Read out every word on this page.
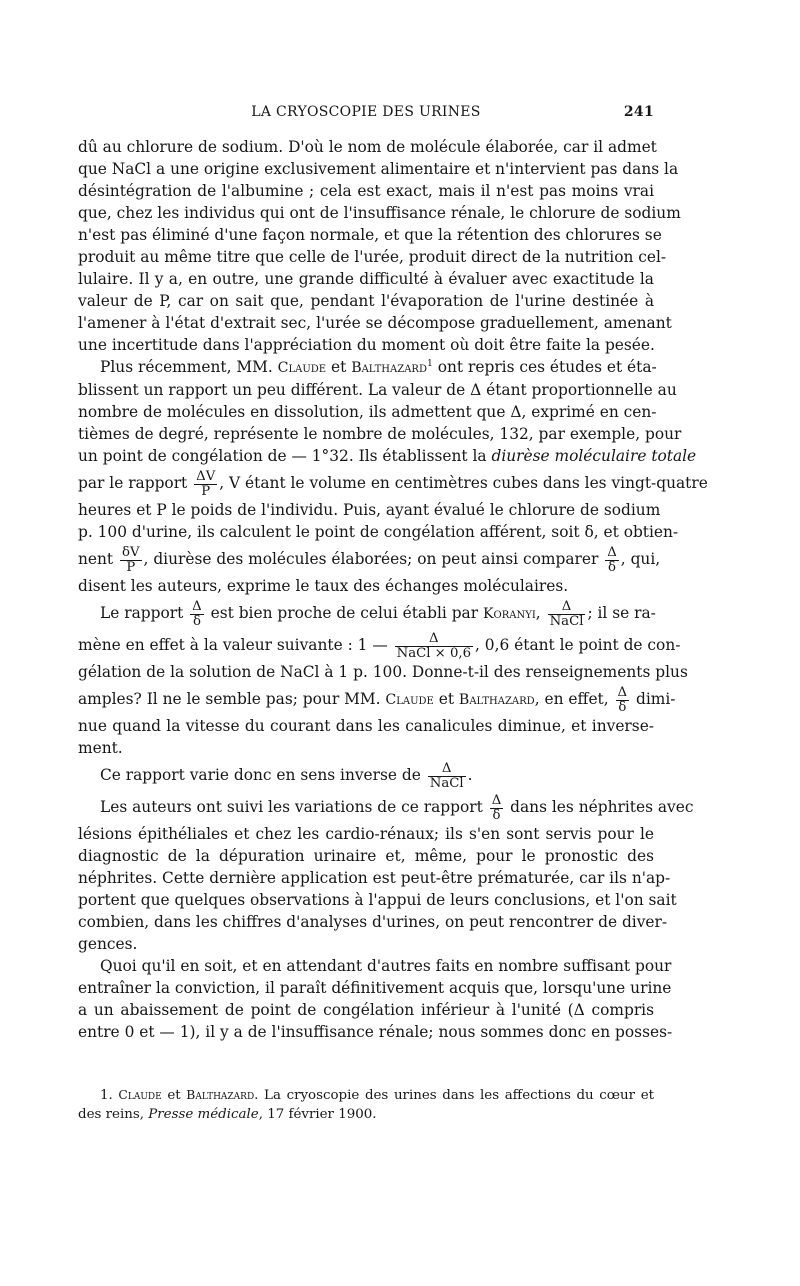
LA CRYOSCOPIE DES URINES	241

dû au chlorure de sodium. D'où le nom de molécule élaborée, car il admet
que NaCl a une origine exclusivement alimentaire et n'intervient pas dans la
désintégration de l'albumine ; cela est exact, mais il n'est pas moins vrai
que, chez les individus qui ont de l'insuffisance rénale, le chlorure de sodium
n'est pas éliminé d'une façon normale, et que la rétention des chlorures se
produit au même titre que celle de l'urée, produit direct de la nutrition cel-
lulaire. Il y a, en outre, une grande difficulté à évaluer avec exactitude la
valeur de P, car on sait que, pendant l'évaporation de l'urine destinée à
l'amener à l'état d'extrait sec, l'urée se décompose graduellement, amenant
une incertitude dans l'appréciation du moment où doit être faite la pesée.

Plus récemment, MM. Claude et Balthazard$^1$ ont repris ces études et éta-
blissent un rapport un peu différent. La valeur de Δ étant proportionnelle au
nombre de molécules en dissolution, ils admettent que Δ, exprimé en cen-
tièmes de degré, représente le nombre de molécules, 132, par exemple, pour
un point de congélation de — 1°32. Ils établissent la diurèse moléculaire totale
par le rapport $\frac{\Delta V}{P}$ , V étant le volume en centimètres cubes dans les vingt-quatre
heures et P le poids de l'individu. Puis, ayant évalué le chlorure de sodium
p. 100 d'urine, ils calculent le point de congélation afférent, soit δ, et obtien-
nent $\frac{\delta V}{P}$ , diurèse des molécules élaborées; on peut ainsi comparer $\frac{\Delta}{\delta}$ , qui,
disent les auteurs, exprime le taux des échanges moléculaires.

Le rapport $\frac{\Delta}{\delta}$ est bien proche de celui établi par Koranyi, $\frac{\Delta}{\text{NaCl}}$ ; il se ra-
mène en effet à la valeur suivante : 1 — $\frac{\Delta}{\text{NaCl × 0,6}}$ , 0,6 étant le point de con-
gélation de la solution de NaCl à 1 p. 100. Donne-t-il des renseignements plus
amples? Il ne le semble pas; pour MM. Claude et Balthazard, en effet, $\frac{\Delta}{\delta}$ dimi-
nue quand la vitesse du courant dans les canalicules diminue, et inverse-
ment.

Ce rapport varie donc en sens inverse de $\frac{\Delta}{\text{NaCl}}$ .

Les auteurs ont suivi les variations de ce rapport $\frac{\Delta}{\delta}$ dans les néphrites avec
lésions épithéliales et chez les cardio-rénaux; ils s'en sont servis pour le
diagnostic de la dépuration urinaire et, même, pour le pronostic des
néphrites. Cette dernière application est peut-être prématurée, car ils n'ap-
portent que quelques observations à l'appui de leurs conclusions, et l'on sait
combien, dans les chiffres d'analyses d'urines, on peut rencontrer de diver-
gences.

Quoi qu'il en soit, et en attendant d'autres faits en nombre suffisant pour
entraîner la conviction, il paraît définitivement acquis que, lorsqu'une urine
a un abaissement de point de congélation inférieur à l'unité (Δ compris
entre 0 et — 1), il y a de l'insuffisance rénale; nous sommes donc en posses-

1. Claude et Balthazard. La cryoscopie des urines dans les affections du cœur et
des reins, Presse médicale, 17 février 1900.
